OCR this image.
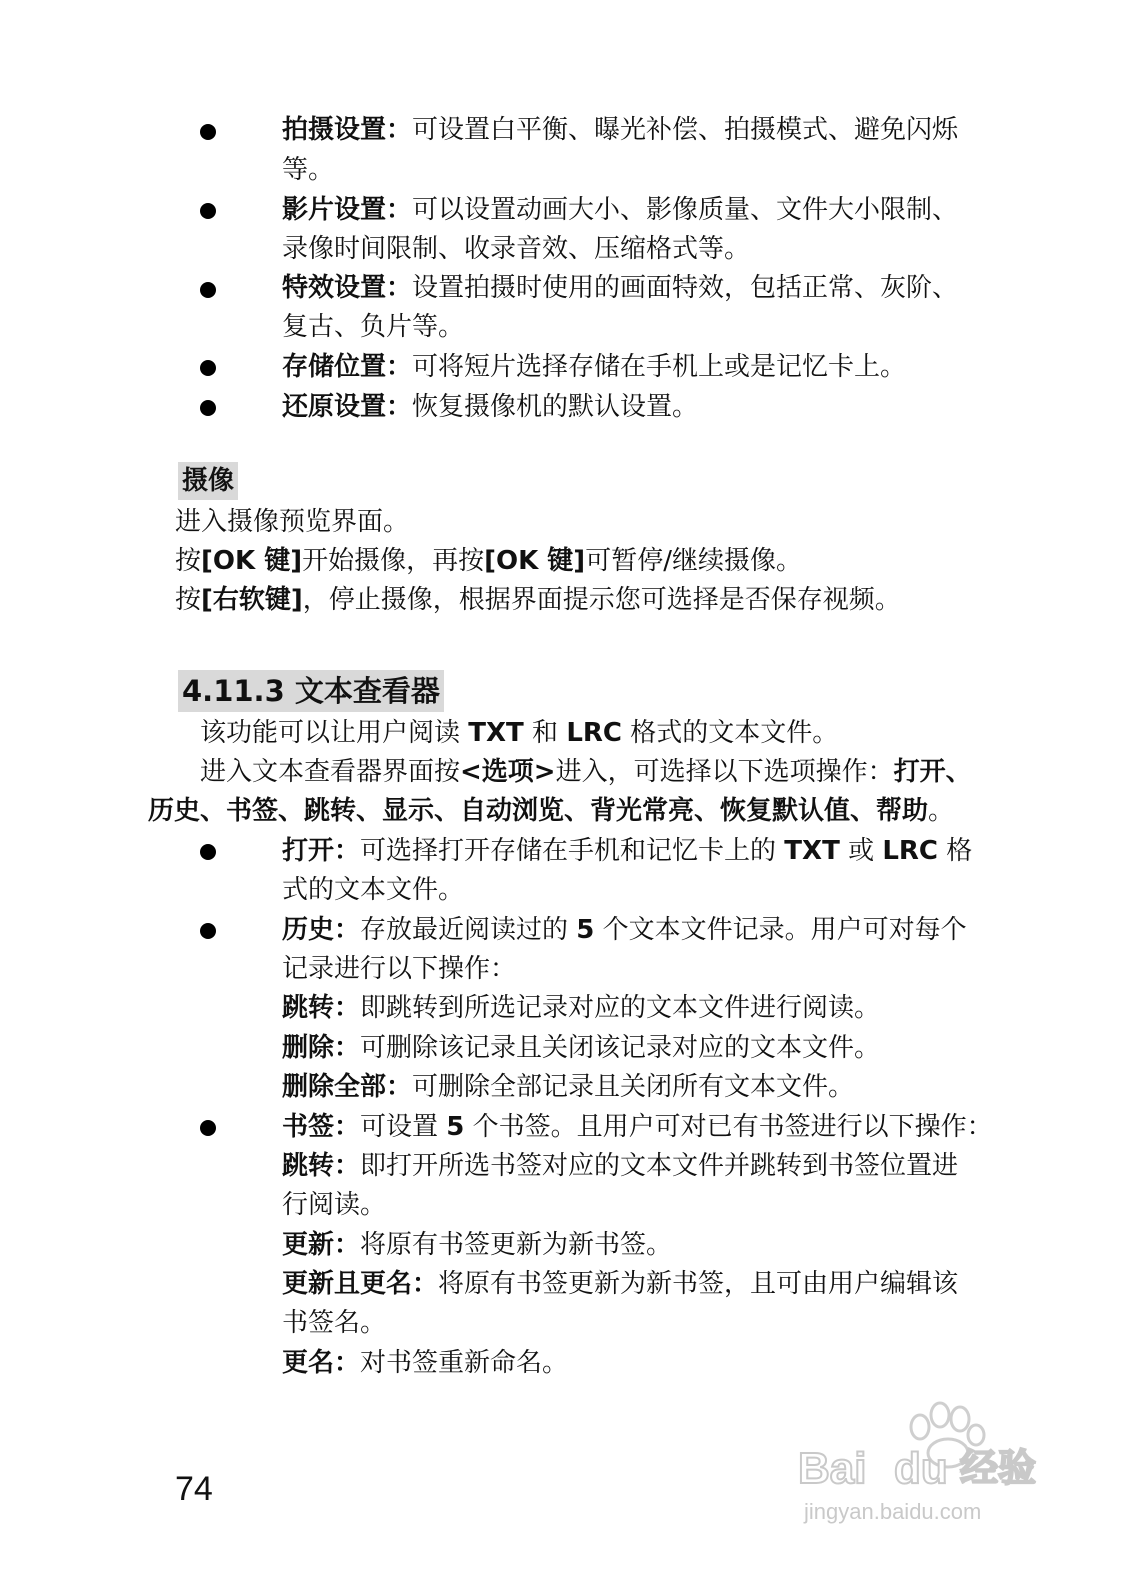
拍摄设置：可设置白平衡、曝光补偿、拍摄模式、避免闪烁
等。
影片设置：可以设置动画大小、影像质量、文件大小限制、
录像时间限制、收录音效、压缩格式等。
特效设置：设置拍摄时使用的画面特效，包括正常、灰阶、
复古、负片等。
存储位置：可将短片选择存储在手机上或是记忆卡上。
还原设置：恢复摄像机的默认设置。
摄像
进入摄像预览界面。
按[OK 键]开始摄像，再按[OK 键]可暂停/继续摄像。
按[右软键]，停止摄像，根据界面提示您可选择是否保存视频。
4.11.3 文本查看器
该功能可以让用户阅读 TXT 和 LRC 格式的文本文件。
进入文本查看器界面按<选项>进入，可选择以下选项操作：打开、
历史、书签、跳转、显示、自动浏览、背光常亮、恢复默认值、帮助。
打开：可选择打开存储在手机和记忆卡上的 TXT 或 LRC 格
式的文本文件。
历史：存放最近阅读过的 5 个文本文件记录。用户可对每个
记录进行以下操作：
跳转：即跳转到所选记录对应的文本文件进行阅读。
删除：可删除该记录且关闭该记录对应的文本文件。
删除全部：可删除全部记录且关闭所有文本文件。
书签：可设置 5 个书签。且用户可对已有书签进行以下操作：
跳转：即打开所选书签对应的文本文件并跳转到书签位置进
行阅读。
更新：将原有书签更新为新书签。
更新且更名：将原有书签更新为新书签，且可由用户编辑该
书签名。
更名：对书签重新命名。
74	Bai du 经验
jingyan.baidu.com
